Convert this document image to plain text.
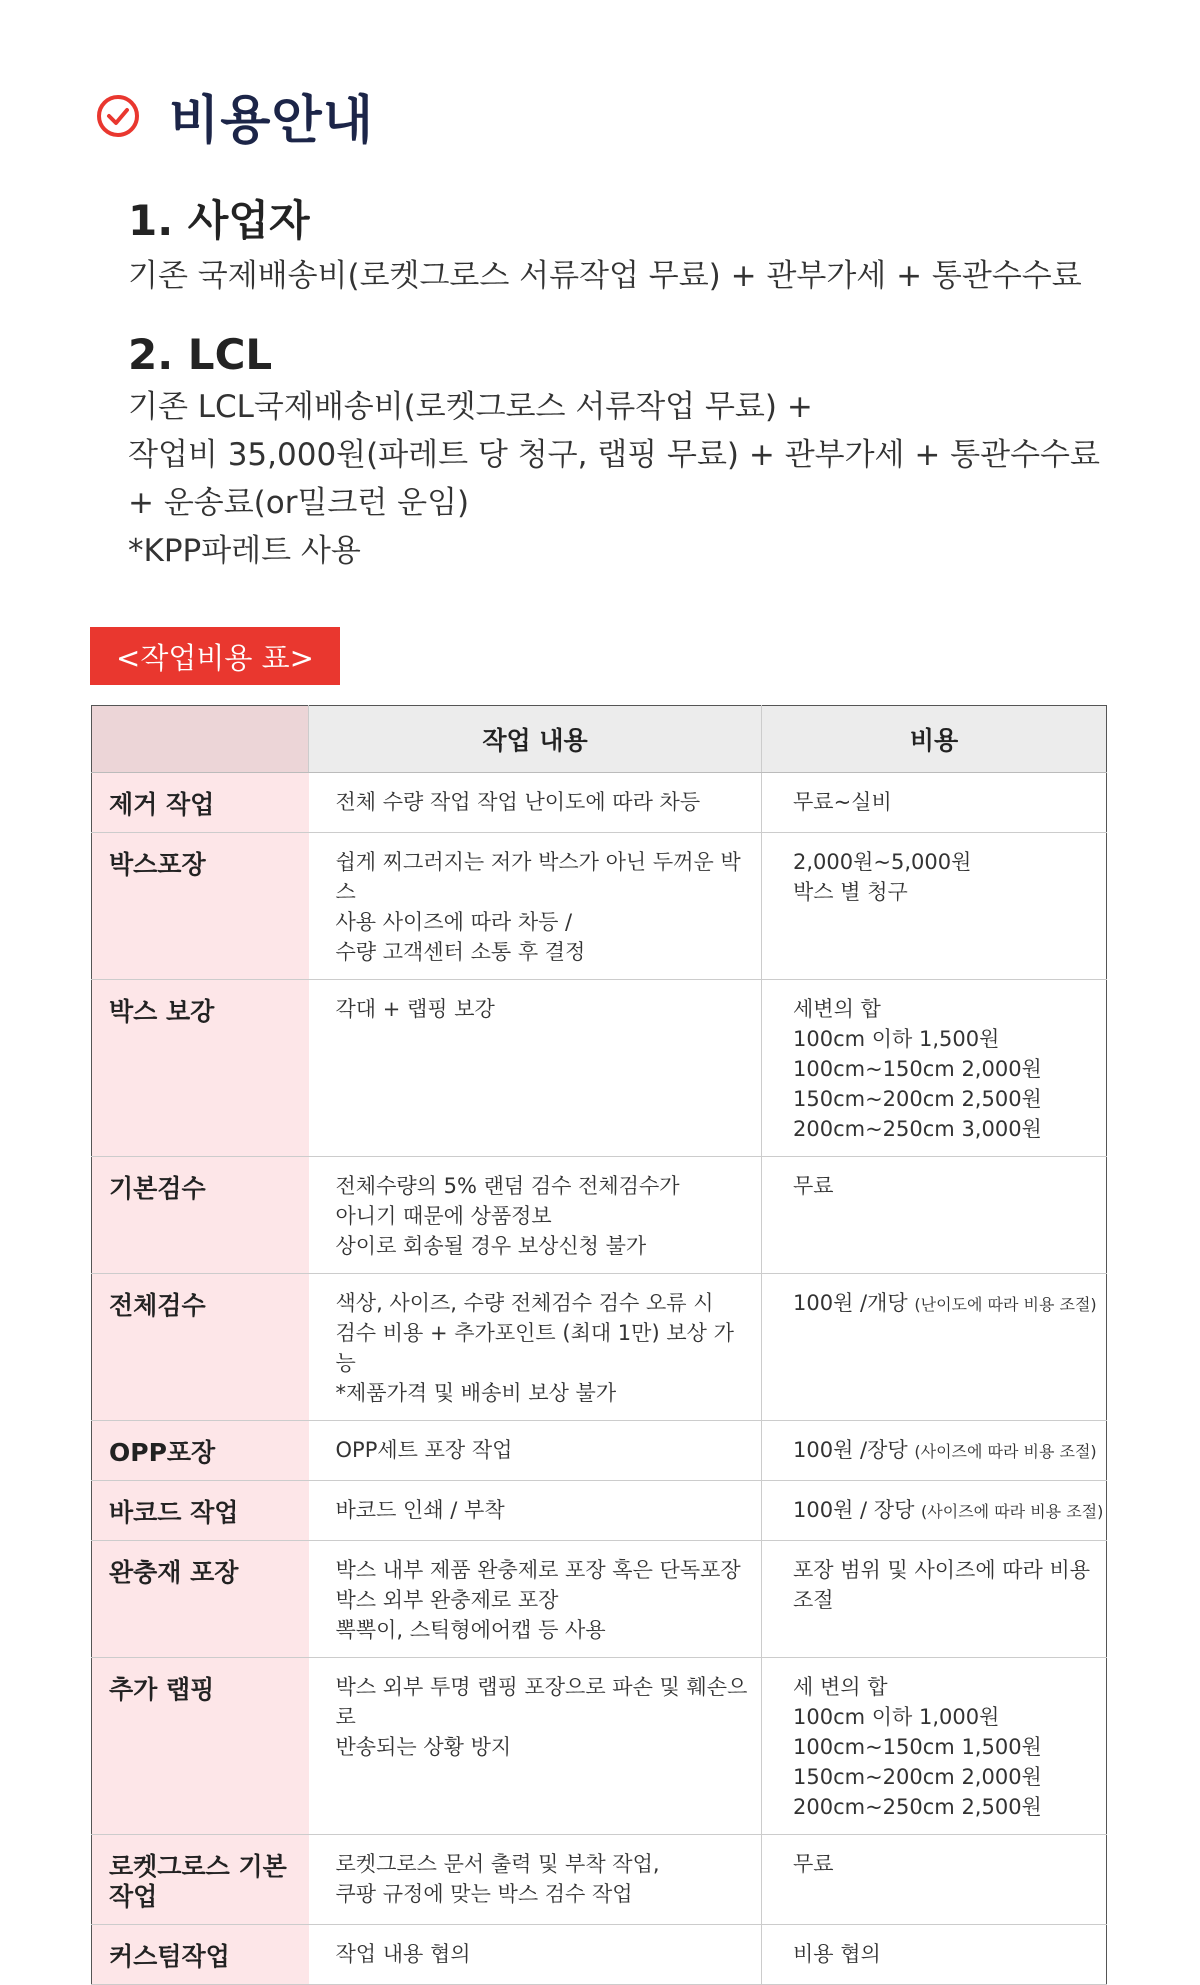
비용안내
1. 사업자

기존 국제배송비(로켓그로스 서류작업 무료) + 관부가세 + 통관수수료

2. LCL

기존 LCL국제배송비(로켓그로스 서류작업 무료) +

작업비 35,000원(파레트 당 청구, 랩핑 무료) + 관부가세 + 통관수수료

+ 운송료(or밀크런 운임)

*KPP파레트 사용

<작업비용 표>
	작업 내용	비용
제거 작업	전체 수량 작업 작업 난이도에 따라 차등	무료~실비
박스포장	쉽게 찌그러지는 저가 박스가 아닌 두꺼운 박스
사용 사이즈에 따라 차등 /
수량 고객센터 소통 후 결정	2,000원~5,000원
박스 별 청구
박스 보강	각대 + 랩핑 보강	세변의 합
100cm 이하 1,500원
100cm~150cm 2,000원
150cm~200cm 2,500원
200cm~250cm 3,000원
기본검수	전체수량의 5% 랜덤 검수 전체검수가
아니기 때문에 상품정보
상이로 회송될 경우 보상신청 불가	무료
전체검수	색상, 사이즈, 수량 전체검수 검수 오류 시
검수 비용 + 추가포인트 (최대 1만) 보상 가능
*제품가격 및 배송비 보상 불가	100원 /개당 (난이도에 따라 비용 조절)
OPP포장	OPP세트 포장 작업	100원 /장당 (사이즈에 따라 비용 조절)
바코드 작업	바코드 인쇄 / 부착	100원 / 장당 (사이즈에 따라 비용 조절)
완충재 포장	박스 내부 제품 완충제로 포장 혹은 단독포장
박스 외부 완충제로 포장
뽁뽁이, 스틱형에어캡 등 사용	포장 범위 및 사이즈에 따라 비용 조절
추가 랩핑	박스 외부 투명 랩핑 포장으로 파손 및 훼손으로
반송되는 상황 방지	세 변의 합
100cm 이하 1,000원
100cm~150cm 1,500원
150cm~200cm 2,000원
200cm~250cm 2,500원
로켓그로스 기본작업	로켓그로스 문서 출력 및 부착 작업,
쿠팡 규정에 맞는 박스 검수 작업	무료
커스텀작업	작업 내용 협의	비용 협의
